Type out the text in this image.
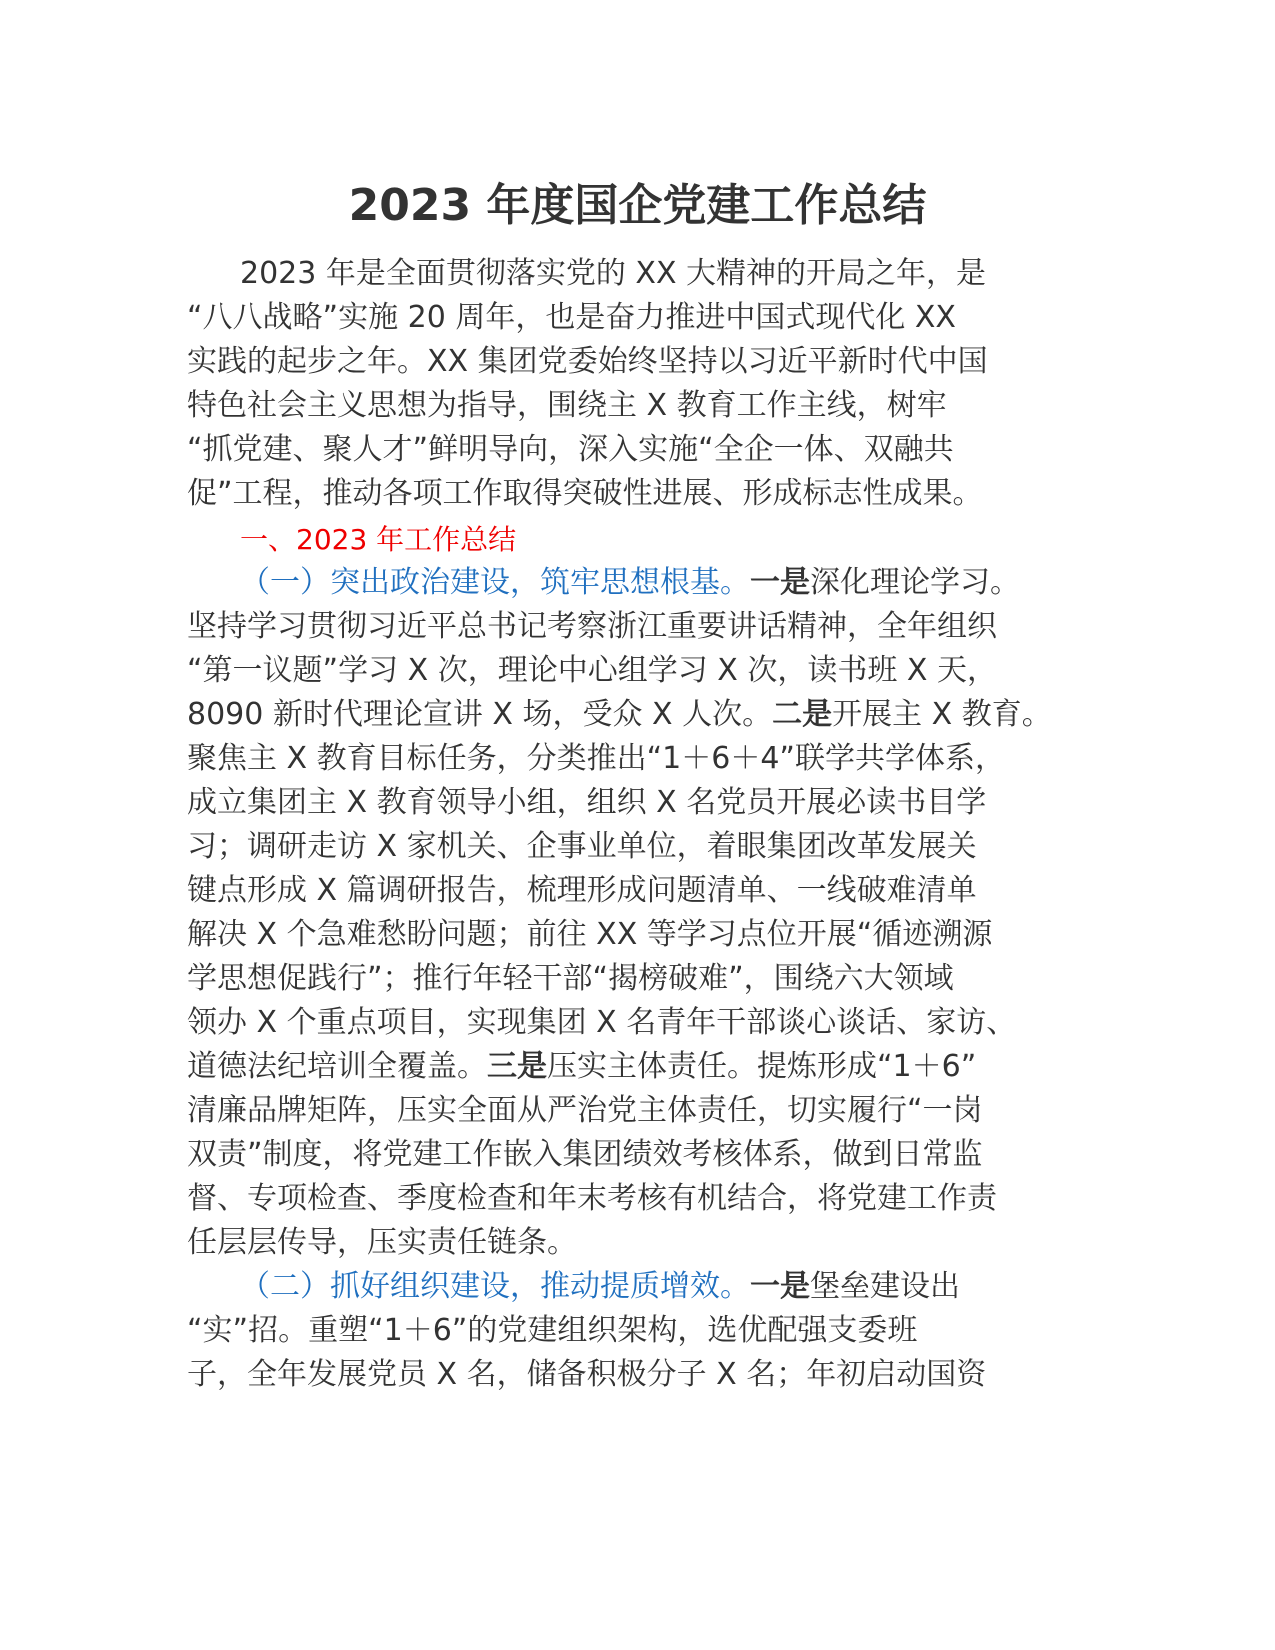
2023 年度国企党建工作总结
2023 年是全面贯彻落实党的 XX 大精神的开局之年，是
“八八战略”实施 20 周年，也是奋力推进中国式现代化 XX
实践的起步之年。XX 集团党委始终坚持以习近平新时代中国
特色社会主义思想为指导，围绕主 X 教育工作主线，树牢
“抓党建、聚人才”鲜明导向，深入实施“全企一体、双融共
促”工程，推动各项工作取得突破性进展、形成标志性成果。
一、2023 年工作总结
（一）突出政治建设，筑牢思想根基。一是深化理论学习。
坚持学习贯彻习近平总书记考察浙江重要讲话精神，全年组织
“第一议题”学习 X 次，理论中心组学习 X 次，读书班 X 天，
8090 新时代理论宣讲 X 场，受众 X 人次。二是开展主 X 教育。
聚焦主 X 教育目标任务，分类推出“1＋6＋4”联学共学体系，
成立集团主 X 教育领导小组，组织 X 名党员开展必读书目学
习；调研走访 X 家机关、企事业单位，着眼集团改革发展关
键点形成 X 篇调研报告，梳理形成问题清单、一线破难清单
解决 X 个急难愁盼问题；前往 XX 等学习点位开展“循迹溯源
学思想促践行”；推行年轻干部“揭榜破难”，围绕六大领域
领办 X 个重点项目，实现集团 X 名青年干部谈心谈话、家访、
道德法纪培训全覆盖。三是压实主体责任。提炼形成“1＋6”
清廉品牌矩阵，压实全面从严治党主体责任，切实履行“一岗
双责”制度，将党建工作嵌入集团绩效考核体系，做到日常监
督、专项检查、季度检查和年末考核有机结合，将党建工作责
任层层传导，压实责任链条。
（二）抓好组织建设，推动提质增效。一是堡垒建设出
“实”招。重塑“1＋6”的党建组织架构，选优配强支委班
子，全年发展党员 X 名，储备积极分子 X 名；年初启动国资
